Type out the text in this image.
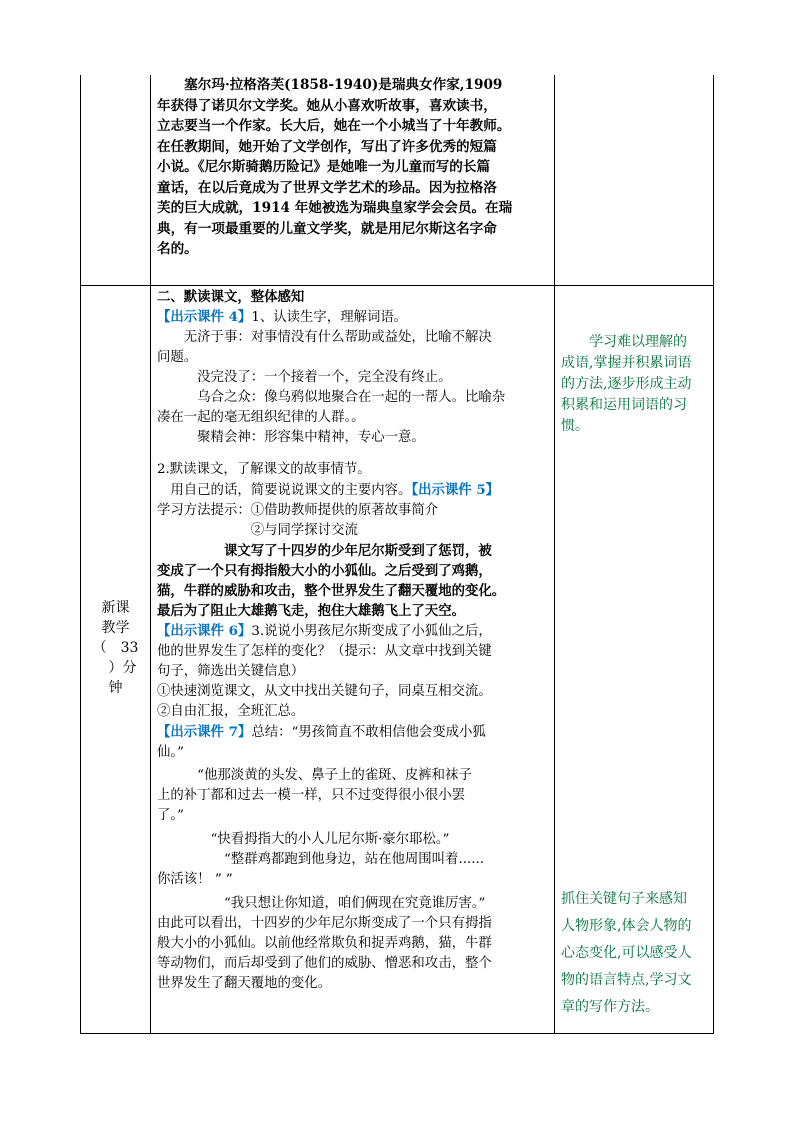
　　塞尔玛·拉格洛芙(1858-1940)是瑞典女作家,1909

年获得了诺贝尔文学奖。她从小喜欢听故事，喜欢读书，

立志要当一个作家。长大后，她在一个小城当了十年教师。

在任教期间，她开始了文学创作，写出了许多优秀的短篇

小说。《尼尔斯骑鹅历险记》是她唯一为儿童而写的长篇

童话，在以后竟成为了世界文学艺术的珍品。因为拉格洛

芙的巨大成就，1914 年她被选为瑞典皇家学会会员。在瑞

典，有一项最重要的儿童文学奖，就是用尼尔斯这名字命

名的。

新课

教学

（　33

　）分

钟

二、默读课文，整体感知

【出示课件 4】1、认读生字，理解词语。

　　无济于事：对事情没有什么帮助或益处，比喻不解决

问题。

　　　没完没了：一个接着一个，完全没有终止。

　　　乌合之众：像乌鸦似地聚合在一起的一帮人。比喻杂

凑在一起的毫无组织纪律的人群。。

　　　聚精会神：形容集中精神，专心一意。

2.默读课文，了解课文的故事情节。

　用自己的话，简要说说课文的主要内容。【出示课件 5】

学习方法提示：①借助教师提供的原著故事简介

　　　　　　　②与同学探讨交流

　　　　　课文写了十四岁的少年尼尔斯受到了惩罚，被

变成了一个只有拇指般大小的小狐仙。之后受到了鸡鹅，

猫，牛群的威胁和攻击，整个世界发生了翻天覆地的变化。

最后为了阻止大雄鹅飞走，抱住大雄鹅飞上了天空。

【出示课件 6】3.说说小男孩尼尔斯变成了小狐仙之后，

他的世界发生了怎样的变化？（提示：从文章中找到关键

句子，筛选出关键信息）

①快速浏览课文，从文中找出关键句子，同桌互相交流。

②自由汇报，全班汇总。

【出示课件 7】总结：“男孩简直不敢相信他会变成小狐

仙。”

　　　“他那淡黄的头发、鼻子上的雀斑、皮裤和袜子

上的补丁都和过去一模一样，只不过变得很小很小罢

了。”

　　　　“快看拇指大的小人儿尼尔斯·豪尔耶松。”

　　　　　“整群鸡都跑到他身边，站在他周围叫着......

你活该！ ” ”

　　　　　“我只想让你知道，咱们俩现在究竟谁厉害。”

由此可以看出，十四岁的少年尼尔斯变成了一个只有拇指

般大小的小狐仙。以前他经常欺负和捉弄鸡鹅，猫，牛群

等动物们，而后却受到了他们的威胁、憎恶和攻击，整个

世界发生了翻天覆地的变化。

　　学习难以理解的

成语,掌握并积累词语

的方法,逐步形成主动

积累和运用词语的习

惯。

抓住关键句子来感知

人物形象,体会人物的

心态变化,可以感受人

物的语言特点,学习文

章的写作方法。
